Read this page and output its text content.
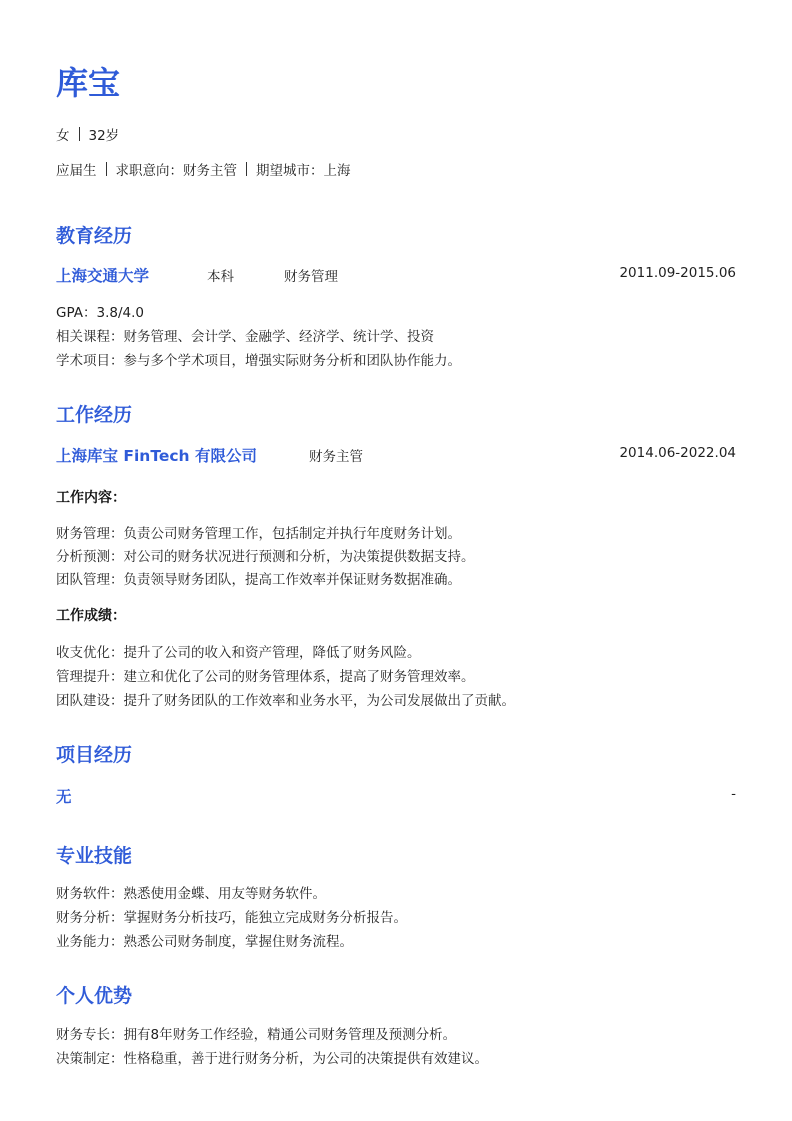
库宝
女 32岁
应届生 求职意向：财务主管 期望城市：上海
教育经历
上海交通大学	本科	财务管理	2011.09-2015.06
GPA：3.8/4.0
相关课程：财务管理、会计学、金融学、经济学、统计学、投资
学术项目：参与多个学术项目，增强实际财务分析和团队协作能力。
工作经历
上海库宝 FinTech 有限公司	财务主管	2014.06-2022.04
工作内容：
财务管理：负责公司财务管理工作，包括制定并执行年度财务计划。
分析预测：对公司的财务状况进行预测和分析，为决策提供数据支持。
团队管理：负责领导财务团队，提高工作效率并保证财务数据准确。
工作成绩：
收支优化：提升了公司的收入和资产管理，降低了财务风险。
管理提升：建立和优化了公司的财务管理体系，提高了财务管理效率。
团队建设：提升了财务团队的工作效率和业务水平，为公司发展做出了贡献。
项目经历
无	-
专业技能
财务软件：熟悉使用金蝶、用友等财务软件。
财务分析：掌握财务分析技巧，能独立完成财务分析报告。
业务能力：熟悉公司财务制度，掌握住财务流程。
个人优势
财务专长：拥有8年财务工作经验，精通公司财务管理及预测分析。
决策制定：性格稳重，善于进行财务分析，为公司的决策提供有效建议。
